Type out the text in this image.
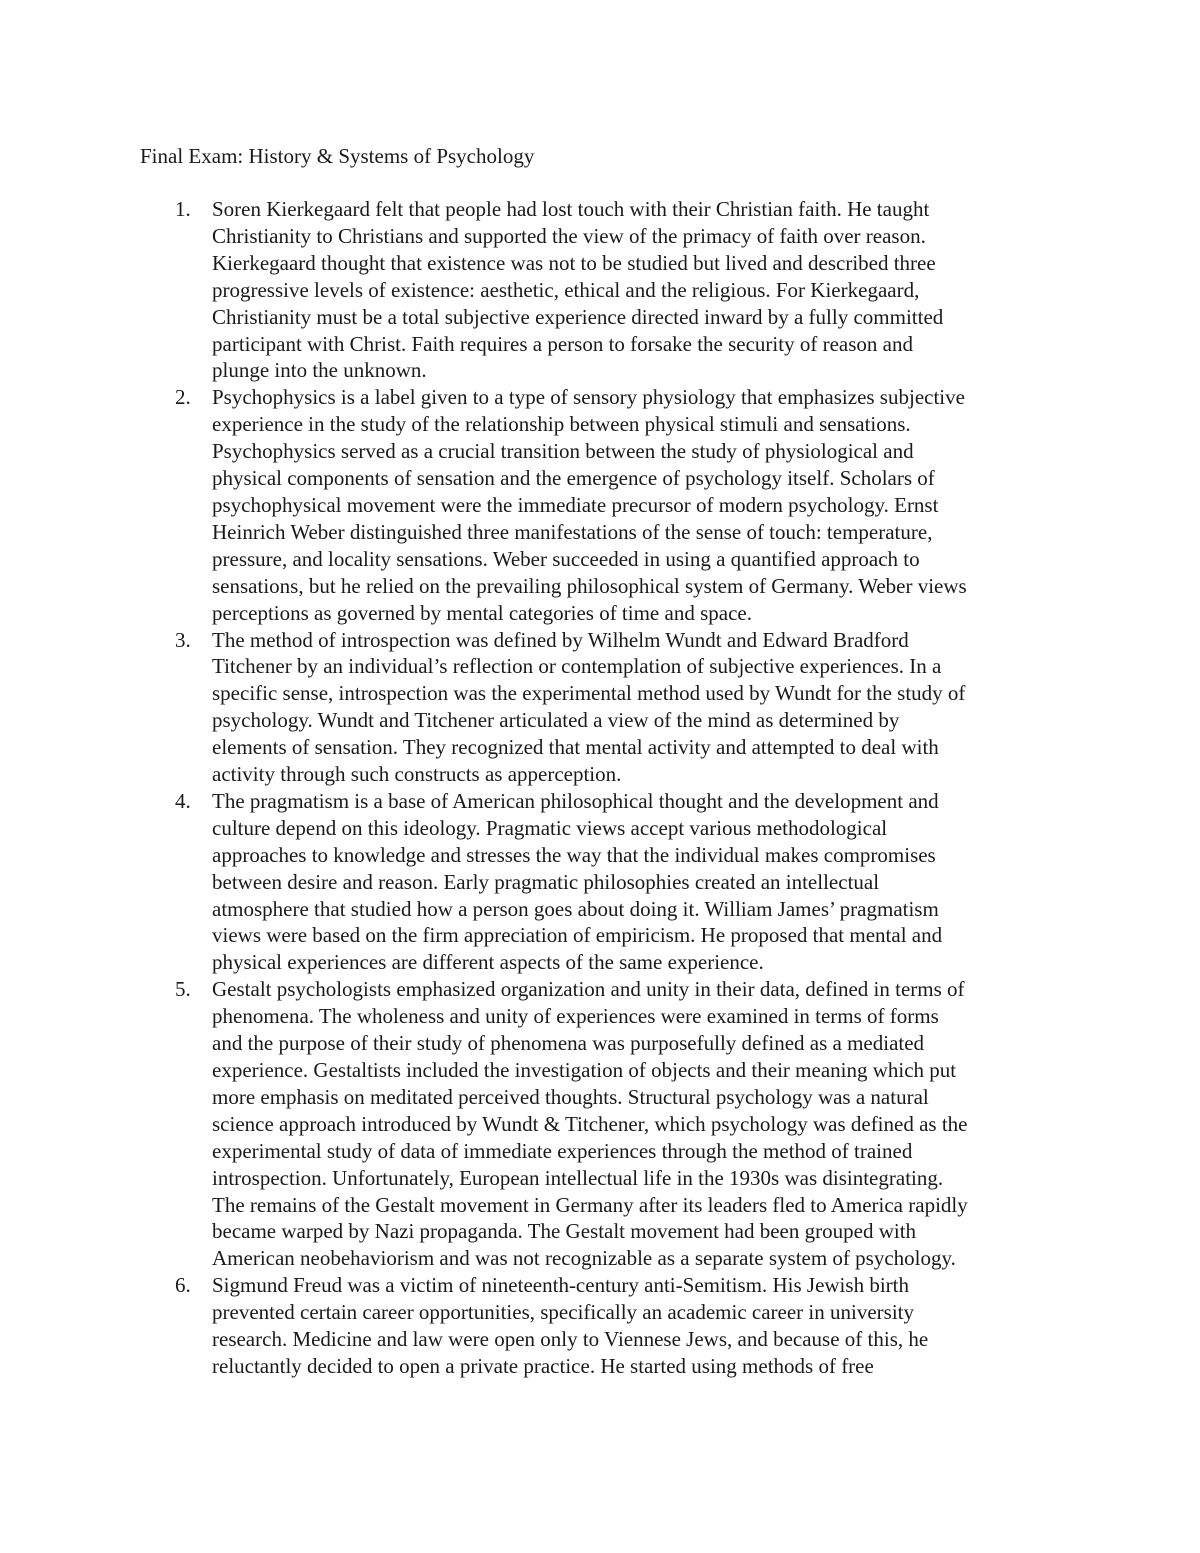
Final Exam: History & Systems of Psychology
1. Soren Kierkegaard felt that people had lost touch with their Christian faith. He taught
Christianity to Christians and supported the view of the primacy of faith over reason.
Kierkegaard thought that existence was not to be studied but lived and described three
progressive levels of existence: aesthetic, ethical and the religious. For Kierkegaard,
Christianity must be a total subjective experience directed inward by a fully committed
participant with Christ. Faith requires a person to forsake the security of reason and
plunge into the unknown.
2. Psychophysics is a label given to a type of sensory physiology that emphasizes subjective
experience in the study of the relationship between physical stimuli and sensations.
Psychophysics served as a crucial transition between the study of physiological and
physical components of sensation and the emergence of psychology itself. Scholars of
psychophysical movement were the immediate precursor of modern psychology. Ernst
Heinrich Weber distinguished three manifestations of the sense of touch: temperature,
pressure, and locality sensations. Weber succeeded in using a quantified approach to
sensations, but he relied on the prevailing philosophical system of Germany. Weber views
perceptions as governed by mental categories of time and space.
3. The method of introspection was defined by Wilhelm Wundt and Edward Bradford
Titchener by an individual’s reflection or contemplation of subjective experiences. In a
specific sense, introspection was the experimental method used by Wundt for the study of
psychology. Wundt and Titchener articulated a view of the mind as determined by
elements of sensation. They recognized that mental activity and attempted to deal with
activity through such constructs as apperception.
4. The pragmatism is a base of American philosophical thought and the development and
culture depend on this ideology. Pragmatic views accept various methodological
approaches to knowledge and stresses the way that the individual makes compromises
between desire and reason. Early pragmatic philosophies created an intellectual
atmosphere that studied how a person goes about doing it. William James’ pragmatism
views were based on the firm appreciation of empiricism. He proposed that mental and
physical experiences are different aspects of the same experience.
5. Gestalt psychologists emphasized organization and unity in their data, defined in terms of
phenomena. The wholeness and unity of experiences were examined in terms of forms
and the purpose of their study of phenomena was purposefully defined as a mediated
experience. Gestaltists included the investigation of objects and their meaning which put
more emphasis on meditated perceived thoughts. Structural psychology was a natural
science approach introduced by Wundt & Titchener, which psychology was defined as the
experimental study of data of immediate experiences through the method of trained
introspection. Unfortunately, European intellectual life in the 1930s was disintegrating.
The remains of the Gestalt movement in Germany after its leaders fled to America rapidly
became warped by Nazi propaganda. The Gestalt movement had been grouped with
American neobehaviorism and was not recognizable as a separate system of psychology.
6. Sigmund Freud was a victim of nineteenth-century anti-Semitism. His Jewish birth
prevented certain career opportunities, specifically an academic career in university
research. Medicine and law were open only to Viennese Jews, and because of this, he
reluctantly decided to open a private practice. He started using methods of free
